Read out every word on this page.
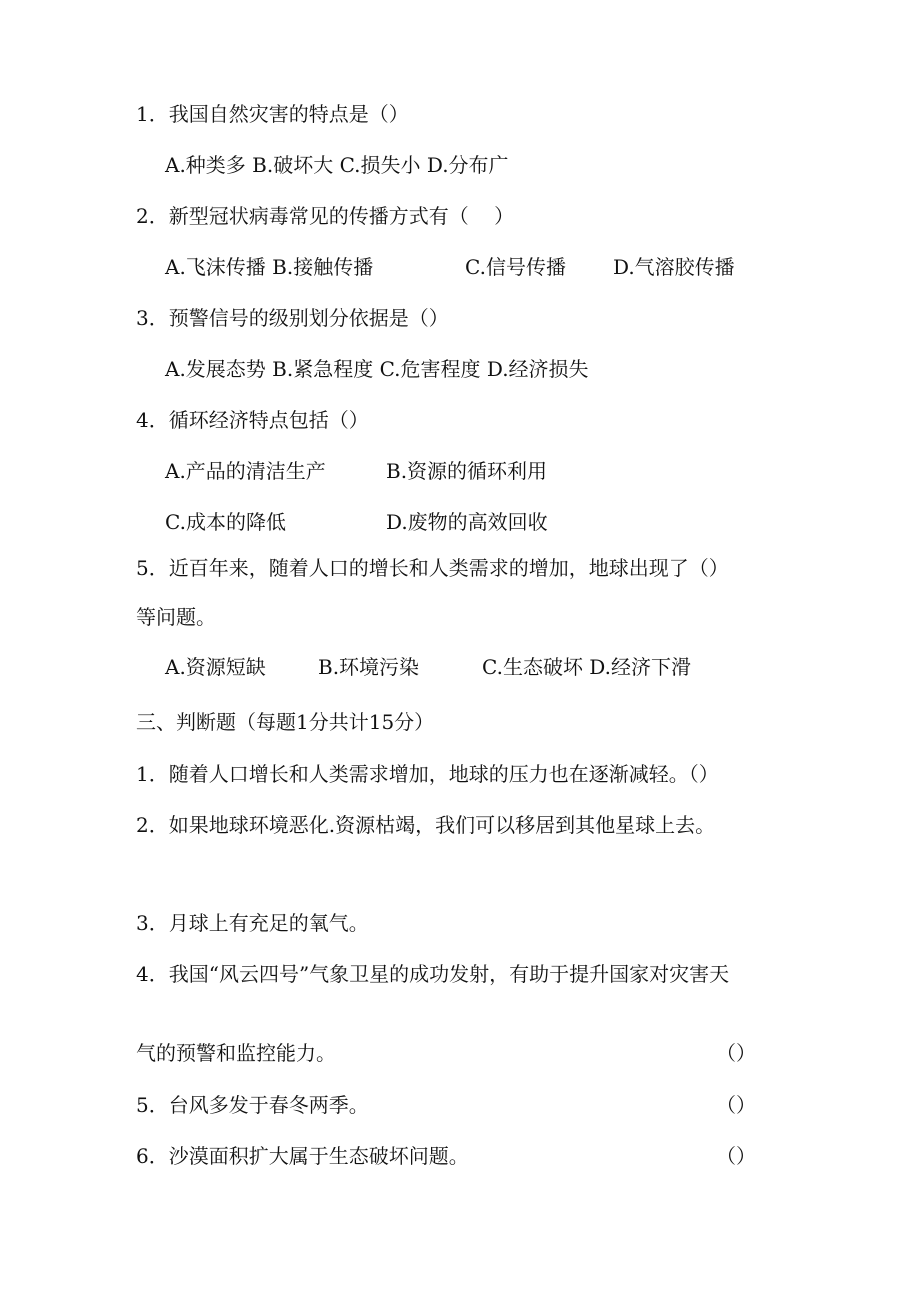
1．我国自然灾害的特点是（）
A.种类多 B.破坏大 C.损失小 D.分布广
2．新型冠状病毒常见的传播方式有（    ）
A.飞沫传播 B.接触传播	C.信号传播 D.气溶胶传播
3．预警信号的级别划分依据是（）
A.发展态势 B.紧急程度 C.危害程度 D.经济损失
4．循环经济特点包括（）
A.产品的清洁生产	B.资源的循环利用
C.成本的降低	D.废物的高效回收
5．近百年来，随着人口的增长和人类需求的增加，地球出现了（）
等问题。
A.资源短缺	B.环境污染	C.生态破坏 D.经济下滑
三、判断题（每题1分共计15分）
1．随着人口增长和人类需求增加，地球的压力也在逐渐减轻。（）
2．如果地球环境恶化.资源枯竭，我们可以移居到其他星球上去。
3．月球上有充足的氧气。
4．我国“风云四号”气象卫星的成功发射，有助于提升国家对灾害天
气的预警和监控能力。	（）
5．台风多发于春冬两季。	（）
6．沙漠面积扩大属于生态破坏问题。	（）
